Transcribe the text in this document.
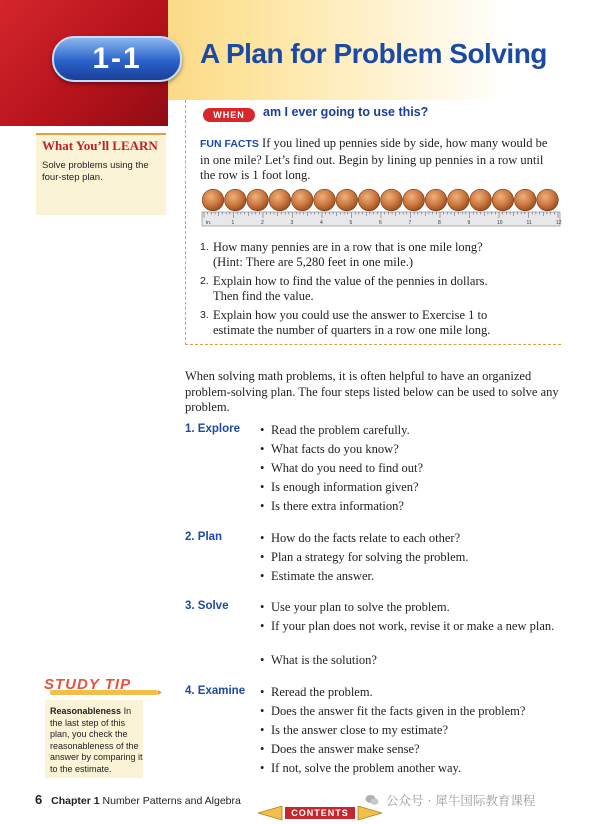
1-1	A Plan for Problem Solving
What You’ll LEARN
Solve problems using the four-step plan.
WHEN	am I ever going to use this?
FUN FACTS If you lined up pennies side by side, how many would be in one mile? Let’s find out. Begin by lining up pennies in a row until the row is 1 foot long.
in.	1	2	3	4	5	6	7	8	9	10	11	12
1. How many pennies are in a row that is one mile long?
(Hint: There are 5,280 feet in one mile.)
2. Explain how to find the value of the pennies in dollars.
Then find the value.
3. Explain how you could use the answer to Exercise 1 to
estimate the number of quarters in a row one mile long.
When solving math problems, it is often helpful to have an organized problem-solving plan. The four steps listed below can be used to solve any problem.
1. Explore • Read the problem carefully.
• What facts do you know?
• What do you need to find out?
• Is enough information given?
• Is there extra information?
2. Plan	• How do the facts relate to each other?
• Plan a strategy for solving the problem.
• Estimate the answer.
3. Solve	• Use your plan to solve the problem.
• If your plan does not work, revise it or make a new plan.
• What is the solution?
4. Examine • Reread the problem.
• Does the answer fit the facts given in the problem?
• Is the answer close to my estimate?
• Does the answer make sense?
• If not, solve the problem another way.
STUDY TIP
Reasonableness In the last step of this plan, you check the reasonableness of the answer by comparing it to the estimate.
6 Chapter 1 Number Patterns and Algebra
CONTENTS
公众号 · 犀牛国际教育课程
